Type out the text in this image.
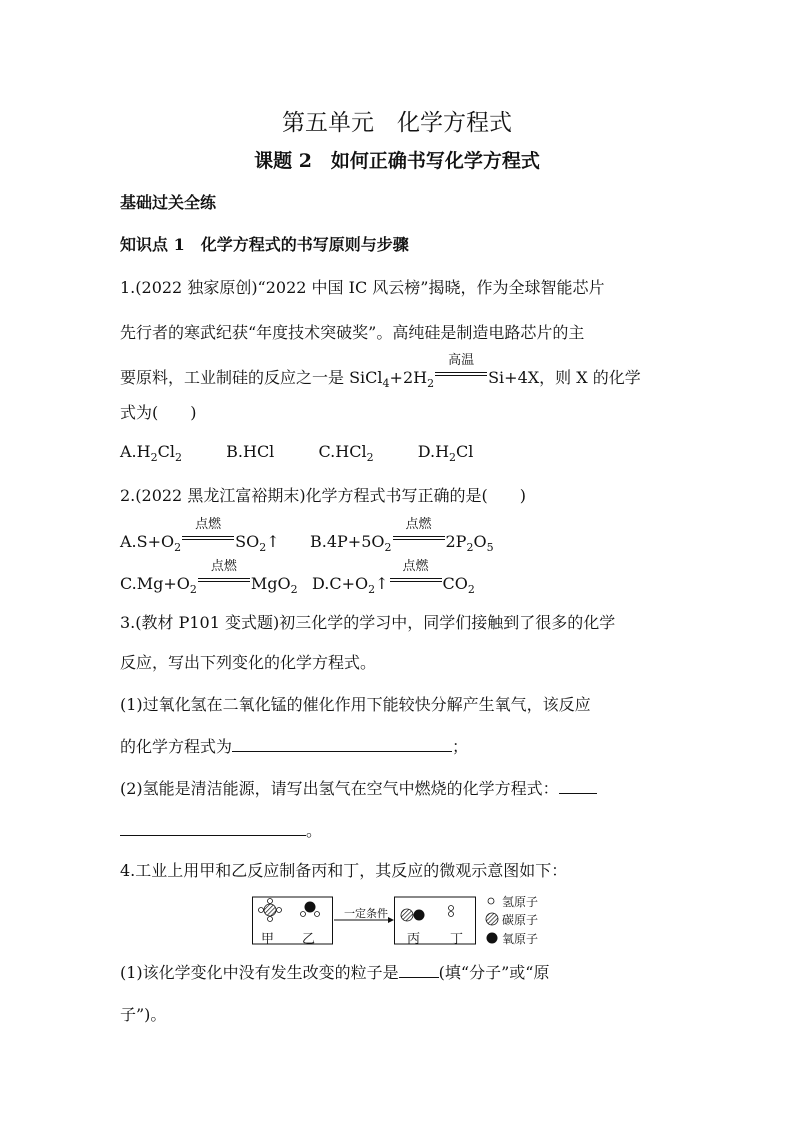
第五单元　化学方程式
课题 2　如何正确书写化学方程式
基础过关全练
知识点 1　化学方程式的书写原则与步骤
1.(2022 独家原创)“2022 中国 IC 风云榜”揭晓，作为全球智能芯片
先行者的寒武纪获“年度技术突破奖”。高纯硅是制造电路芯片的主
要原料，工业制硅的反应之一是 $SiCl_4+2H_2$
高温
Si+4X，则 X 的化学
式为(　　)
$A.H_2Cl_2$	B.HCl	C.HCl$_2$	$D.H_2Cl$
2.(2022 黑龙江富裕期末)化学方程式书写正确的是(　　)
$A.S+O_2$
点燃
$SO_2↑$ $B.4P+5O_2$
点燃
$2P_2O_5$
$C.Mg+O_2$
点燃
MgO$_2$ $D.C+O_2↑$
点燃
$CO_2$
3.(教材 P101 变式题)初三化学的学习中，同学们接触到了很多的化学
反应，写出下列变化的化学方程式。
(1)过氧化氢在二氧化锰的催化作用下能较快分解产生氧气，该反应
的化学方程式为	；
(2)氢能是清洁能源，请写出氢气在空气中燃烧的化学方程式：
。
4.工业上用甲和乙反应制备丙和丁，其反应的微观示意图如下：
甲 乙
一定条件
丙 丁
氢原子
碳原子
氧原子
(1)该化学变化中没有发生改变的粒子是	(填“分子”或“原
子”)。
